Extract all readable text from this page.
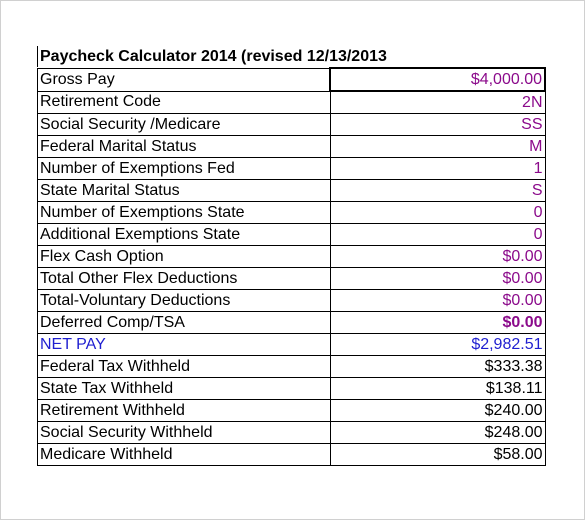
Paycheck Calculator 2014 (revised 12/13/2013
Gross Pay	$4,000.00
Retirement Code	2N
Social Security /Medicare	SS
Federal Marital Status	M
Number of Exemptions Fed	1
State Marital Status	S
Number of Exemptions State	0
Additional Exemptions State	0
Flex Cash Option	$0.00
Total Other Flex Deductions	$0.00
Total-Voluntary Deductions	$0.00
Deferred Comp/TSA	$0.00
NET PAY	$2,982.51
Federal Tax Withheld	$333.38
State Tax Withheld	$138.11
Retirement Withheld	$240.00
Social Security Withheld	$248.00
Medicare Withheld	$58.00
